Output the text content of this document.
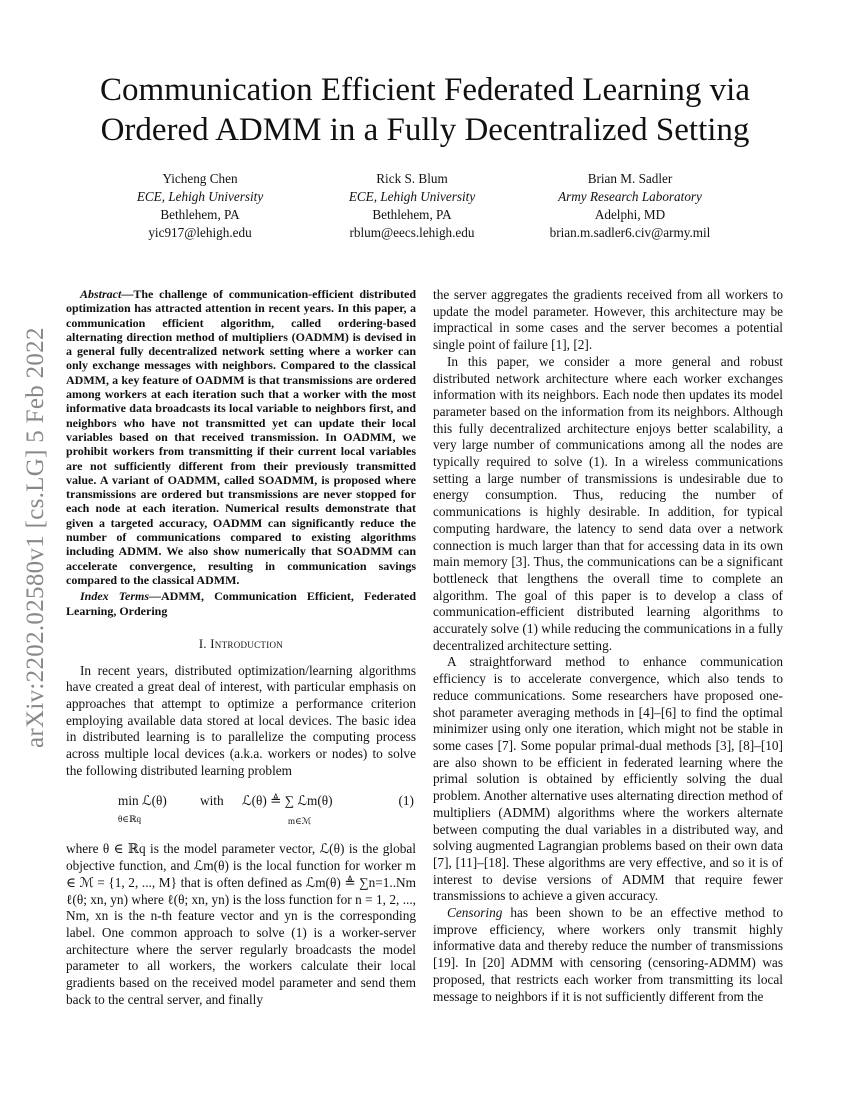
arXiv:2202.02580v1 [cs.LG] 5 Feb 2022
Communication Efficient Federated Learning via Ordered ADMM in a Fully Decentralized Setting
Yicheng Chen
ECE, Lehigh University
Bethlehem, PA
yic917@lehigh.edu
Rick S. Blum
ECE, Lehigh University
Bethlehem, PA
rblum@eecs.lehigh.edu
Brian M. Sadler
Army Research Laboratory
Adelphi, MD
brian.m.sadler6.civ@army.mil

Abstract—The challenge of communication-efficient distributed optimization has attracted attention in recent years. In this paper, a communication efficient algorithm, called ordering-based alternating direction method of multipliers (OADMM) is devised in a general fully decentralized network setting where a worker can only exchange messages with neighbors. Compared to the classical ADMM, a key feature of OADMM is that transmissions are ordered among workers at each iteration such that a worker with the most informative data broadcasts its local variable to neighbors first, and neighbors who have not transmitted yet can update their local variables based on that received transmission. In OADMM, we prohibit workers from transmitting if their current local variables are not sufficiently different from their previously transmitted value. A variant of OADMM, called SOADMM, is proposed where transmissions are ordered but transmissions are never stopped for each node at each iteration. Numerical results demonstrate that given a targeted accuracy, OADMM can significantly reduce the number of communications compared to existing algorithms including ADMM. We also show numerically that SOADMM can accelerate convergence, resulting in communication savings compared to the classical ADMM.

Index Terms—ADMM, Communication Efficient, Federated Learning, Ordering

I. Introduction

In recent years, distributed optimization/learning algorithms have created a great deal of interest, with particular emphasis on approaches that attempt to optimize a performance criterion employing available data stored at local devices. The basic idea in distributed learning is to parallelize the computing process across multiple local devices (a.k.a. workers or nodes) to solve the following distributed learning problem

min ℒ(θ)
θ∈ℝq
with ℒ(θ) ≜ ∑ ℒm(θ)
m∈ℳ
(1)

where θ ∈ ℝq is the model parameter vector, ℒ(θ) is the global objective function, and ℒm(θ) is the local function for worker m ∈ ℳ = {1, 2, ..., M} that is often defined as ℒm(θ) ≜ ∑n=1..Nm ℓ(θ; xn, yn) where ℓ(θ; xn, yn) is the loss function for n = 1, 2, ..., Nm, xn is the n-th feature vector and yn is the corresponding label. One common approach to solve (1) is a worker-server architecture where the server regularly broadcasts the model parameter to all workers, the workers calculate their local gradients based on the received model parameter and send them back to the central server, and finally

the server aggregates the gradients received from all workers to update the model parameter. However, this architecture may be impractical in some cases and the server becomes a potential single point of failure [1], [2].

In this paper, we consider a more general and robust distributed network architecture where each worker exchanges information with its neighbors. Each node then updates its model parameter based on the information from its neighbors. Although this fully decentralized architecture enjoys better scalability, a very large number of communications among all the nodes are typically required to solve (1). In a wireless communications setting a large number of transmissions is undesirable due to energy consumption. Thus, reducing the number of communications is highly desirable. In addition, for typical computing hardware, the latency to send data over a network connection is much larger than that for accessing data in its own main memory [3]. Thus, the communications can be a significant bottleneck that lengthens the overall time to complete an algorithm. The goal of this paper is to develop a class of communication-efficient distributed learning algorithms to accurately solve (1) while reducing the communications in a fully decentralized architecture setting.

A straightforward method to enhance communication efficiency is to accelerate convergence, which also tends to reduce communications. Some researchers have proposed one-shot parameter averaging methods in [4]–[6] to find the optimal minimizer using only one iteration, which might not be stable in some cases [7]. Some popular primal-dual methods [3], [8]–[10] are also shown to be efficient in federated learning where the primal solution is obtained by efficiently solving the dual problem. Another alternative uses alternating direction method of multipliers (ADMM) algorithms where the workers alternate between computing the dual variables in a distributed way, and solving augmented Lagrangian problems based on their own data [7], [11]–[18]. These algorithms are very effective, and so it is of interest to devise versions of ADMM that require fewer transmissions to achieve a given accuracy.

Censoring has been shown to be an effective method to improve efficiency, where workers only transmit highly informative data and thereby reduce the number of transmissions [19]. In [20] ADMM with censoring (censoring-ADMM) was proposed, that restricts each worker from transmitting its local message to neighbors if it is not sufficiently different from the
